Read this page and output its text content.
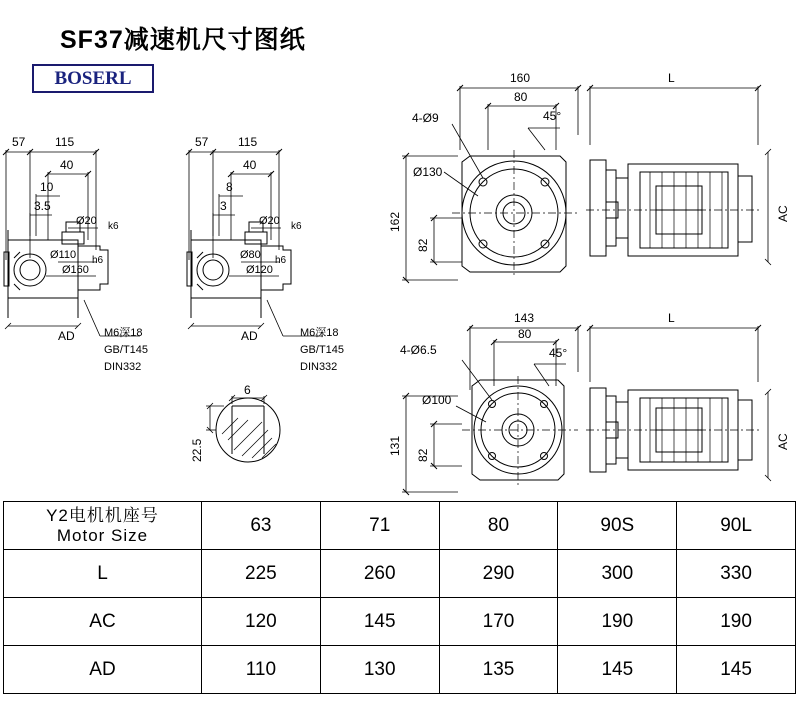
SF37减速机尺寸图纸
BOSERL
57 115
40
10
3.5
Ø20 k6
Ø110 h6
Ø160
AD	M6深18
GB/T145
DIN332
57 115
40
8
3
Ø20 k6
Ø80 h6
Ø120
AD	M6深18
GB/T145
DIN332
6
22.5
160
80
L
4-Ø9	45°
Ø130
162
82
AC
143
80
L
4-Ø6.5	45°
Ø100
131 82
AC
Y2电机机座号
Motor Size	63	71	80	90S	90L
L	225	260	290	300	330
AC	120	145	170	190	190
AD	110	130	135	145	145
